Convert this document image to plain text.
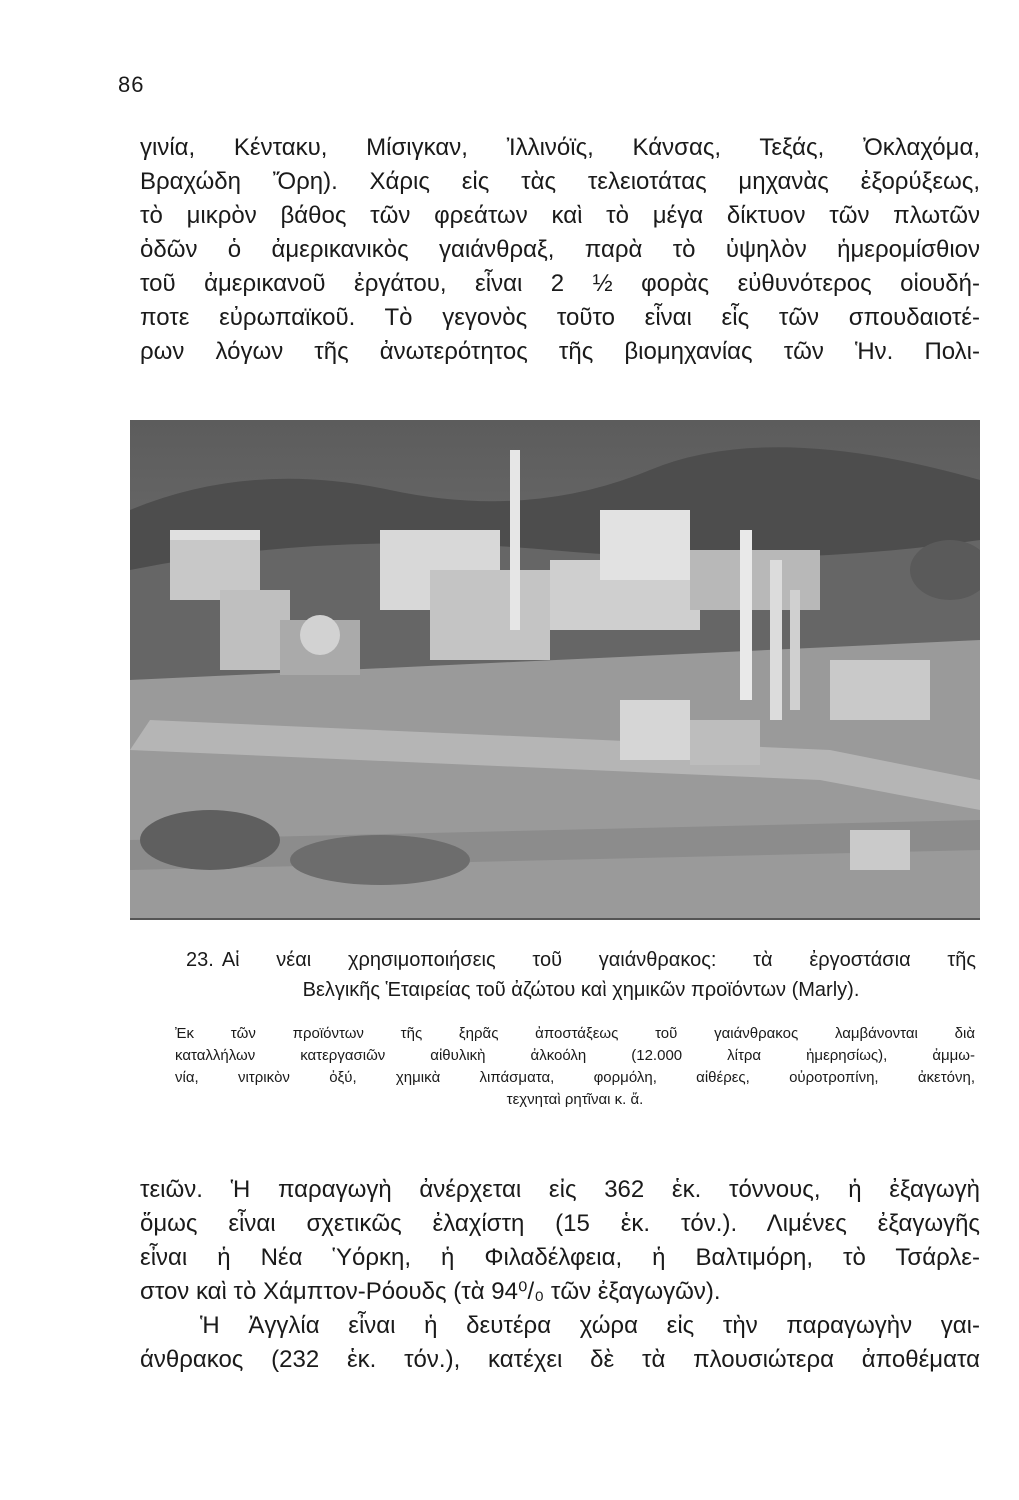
86
γινία, Κέντακυ, Μίσιγκαν, Ἰλλινόϊς, Κάνσας, Τεξάς, Ὀκλαχόμα,
Βραχώδη Ὄρη). Χάρις εἰς τὰς τελειοτάτας μηχανὰς ἐξορύξεως,
τὸ μικρὸν βάθος τῶν φρεάτων καὶ τὸ μέγα δίκτυον τῶν πλωτῶν
ὁδῶν ὁ ἀμερικανικὸς γαιάνθραξ, παρὰ τὸ ὑψηλὸν ἡμερομίσθιον
τοῦ ἀμερικανοῦ ἐργάτου, εἶναι 2 ½ φορὰς εὐθυνότερος οἱουδή-
ποτε εὐρωπαϊκοῦ. Τὸ γεγονὸς τοῦτο εἶναι εἷς τῶν σπουδαιοτέ-
ρων λόγων τῆς ἀνωτερότητος τῆς βιομηχανίας τῶν Ἡν. Πολι-
23. Αἱ νέαι χρησιμοποιήσεις τοῦ γαιάνθρακος: τὰ ἐργοστάσια τῆς
Βελγικῆς Ἑταιρείας τοῦ ἀζώτου καὶ χημικῶν προϊόντων (Marly).
Ἐκ τῶν προϊόντων τῆς ξηρᾶς ἀποστάξεως τοῦ γαιάνθρακος λαμβάνονται διὰ
καταλλήλων κατεργασιῶν αἰθυλικὴ ἀλκοόλη (12.000 λίτρα ἡμερησίως), ἀμμω-
νία, νιτρικὸν ὀξύ, χημικὰ λιπάσματα, φορμόλη, αἰθέρες, οὐροτροπίνη, ἀκετόνη,
τεχνηταὶ ρητῖναι κ. ἄ.
τειῶν. Ἡ παραγωγὴ ἀνέρχεται εἰς 362 ἑκ. τόννους, ἡ ἐξαγωγὴ
ὅμως εἶναι σχετικῶς ἐλαχίστη (15 ἑκ. τόν.). Λιμένες ἐξαγωγῆς
εἶναι ἡ Νέα Ὑόρκη, ἡ Φιλαδέλφεια, ἡ Βαλτιμόρη, τὸ Τσάρλε-
στον καὶ τὸ Χάμπτον-Ρόουδς (τὰ 94⁰/₀ τῶν ἐξαγωγῶν).
Ἡ Ἀγγλία εἶναι ἡ δευτέρα χώρα εἰς τὴν παραγωγὴν γαι-
άνθρακος (232 ἑκ. τόν.), κατέχει δὲ τὰ πλουσιώτερα ἀποθέματα
